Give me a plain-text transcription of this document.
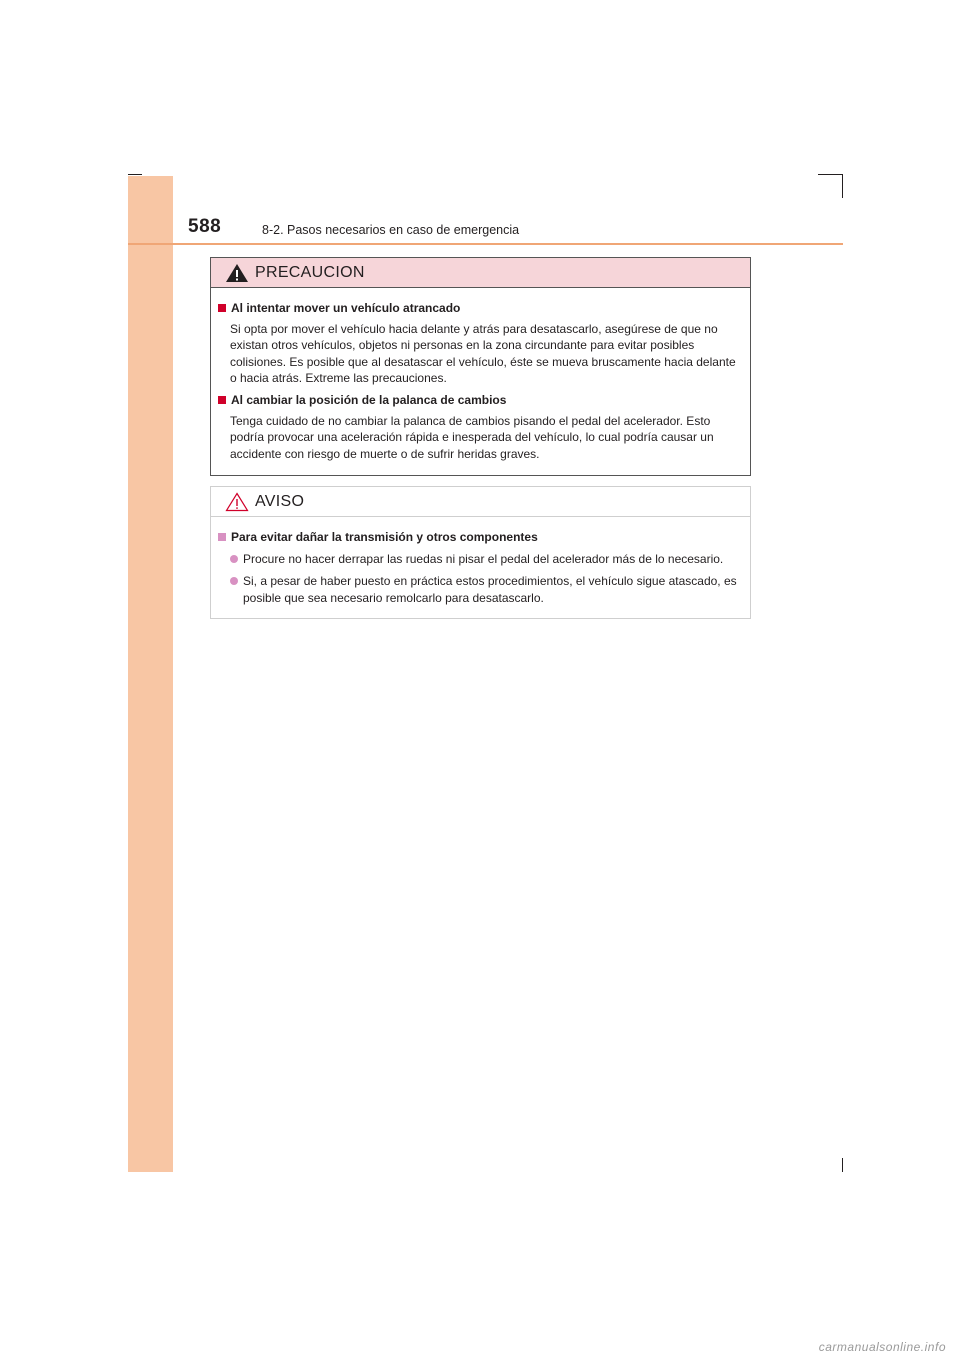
588	8-2. Pasos necesarios en caso de emergencia
PRECAUCION
Al intentar mover un vehículo atrancado
Si opta por mover el vehículo hacia delante y atrás para desatascarlo, asegúrese de que no existan otros vehículos, objetos ni personas en la zona circundante para evitar posibles colisiones. Es posible que al desatascar el vehículo, éste se mueva bruscamente hacia delante o hacia atrás. Extreme las precauciones.
Al cambiar la posición de la palanca de cambios
Tenga cuidado de no cambiar la palanca de cambios pisando el pedal del acelerador. Esto podría provocar una aceleración rápida e inesperada del vehículo, lo cual podría causar un accidente con riesgo de muerte o de sufrir heridas graves.
AVISO
Para evitar dañar la transmisión y otros componentes
Procure no hacer derrapar las ruedas ni pisar el pedal del acelerador más de lo necesario.
Si, a pesar de haber puesto en práctica estos procedimientos, el vehículo sigue atascado, es posible que sea necesario remolcarlo para desatascarlo.
carmanualsonline.info
